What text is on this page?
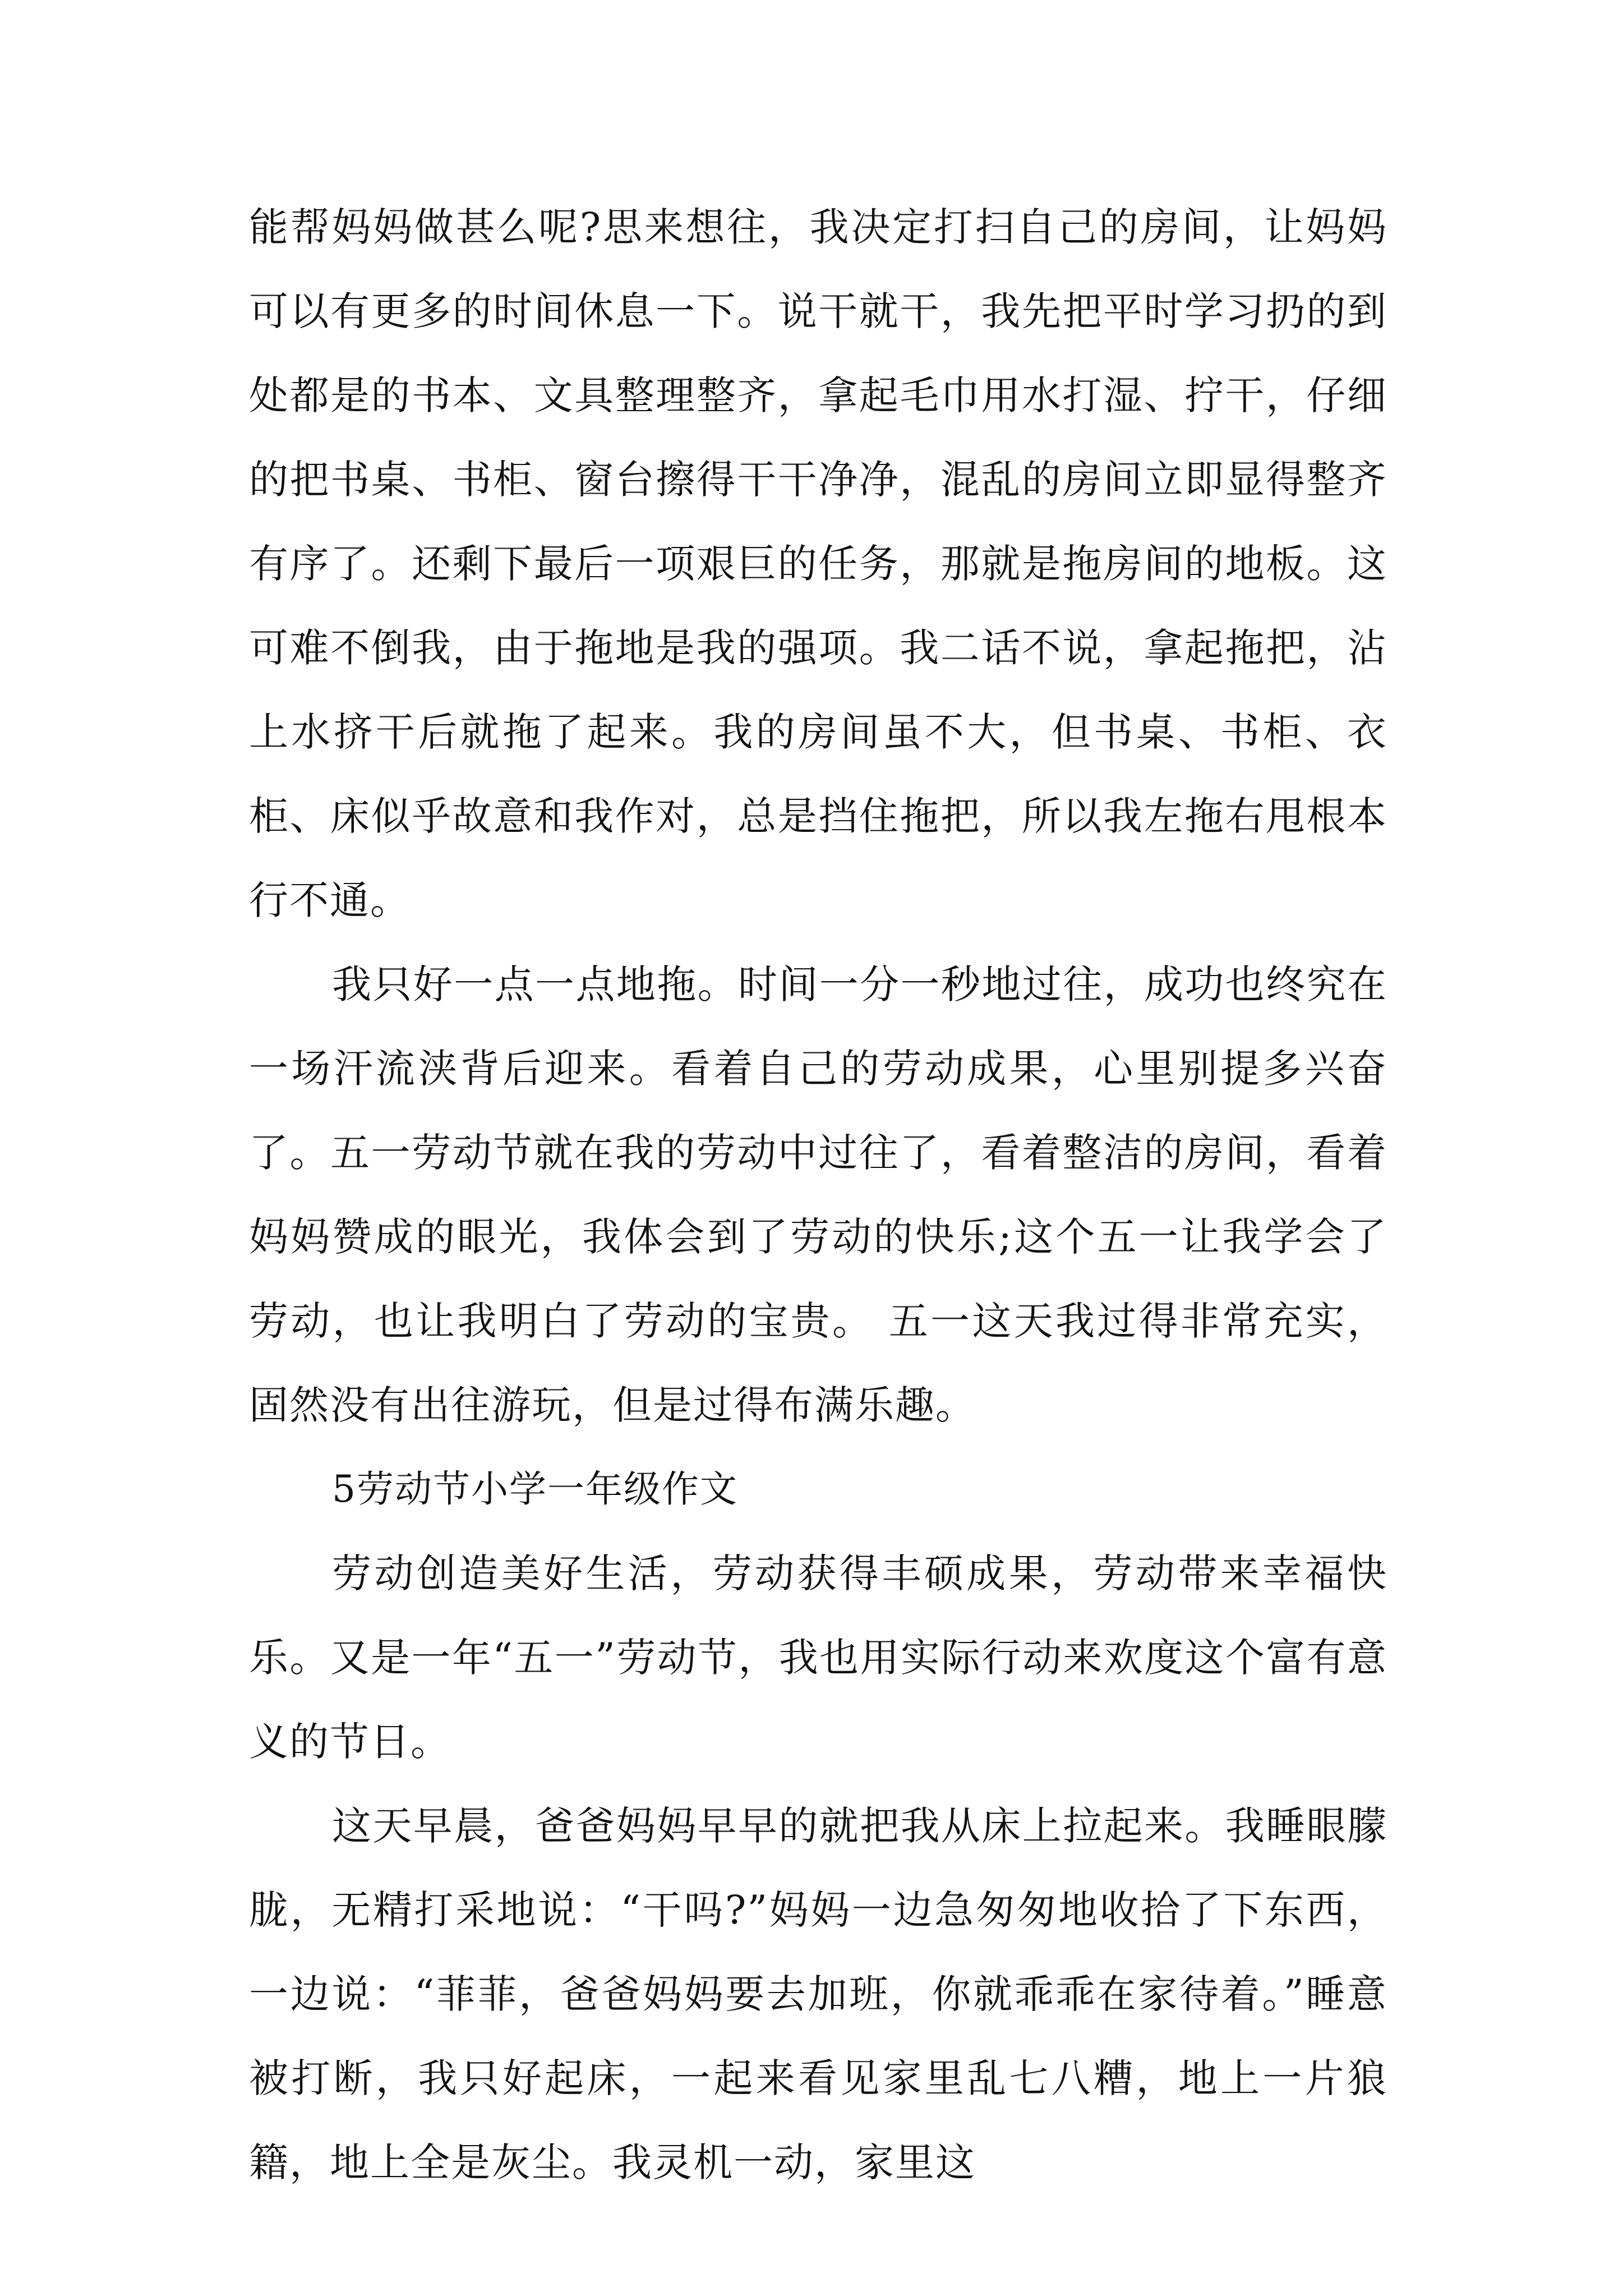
能帮妈妈做甚么呢?思来想往，我决定打扫自己的房间，让妈妈可以有更多的时间休息一下。说干就干，我先把平时学习扔的到处都是的书本、文具整理整齐，拿起毛巾用水打湿、拧干，仔细的把书桌、书柜、窗台擦得干干净净，混乱的房间立即显得整齐有序了。还剩下最后一项艰巨的任务，那就是拖房间的地板。这可难不倒我，由于拖地是我的强项。我二话不说，拿起拖把，沾上水挤干后就拖了起来。我的房间虽不大，但书桌、书柜、衣柜、床似乎故意和我作对，总是挡住拖把，所以我左拖右甩根本行不通。

我只好一点一点地拖。时间一分一秒地过往，成功也终究在一场汗流浃背后迎来。看着自己的劳动成果，心里别提多兴奋了。五一劳动节就在我的劳动中过往了，看着整洁的房间，看着妈妈赞成的眼光，我体会到了劳动的快乐;这个五一让我学会了劳动，也让我明白了劳动的宝贵。 五一这天我过得非常充实，固然没有出往游玩，但是过得布满乐趣。

5劳动节小学一年级作文

劳动创造美好生活，劳动获得丰硕成果，劳动带来幸福快乐。又是一年“五一”劳动节，我也用实际行动来欢度这个富有意义的节日。

这天早晨，爸爸妈妈早早的就把我从床上拉起来。我睡眼朦胧，无精打采地说：“干吗?”妈妈一边急匆匆地收拾了下东西，一边说：“菲菲，爸爸妈妈要去加班，你就乖乖在家待着。”睡意被打断，我只好起床，一起来看见家里乱七八糟，地上一片狼籍，地上全是灰尘。我灵机一动，家里这
